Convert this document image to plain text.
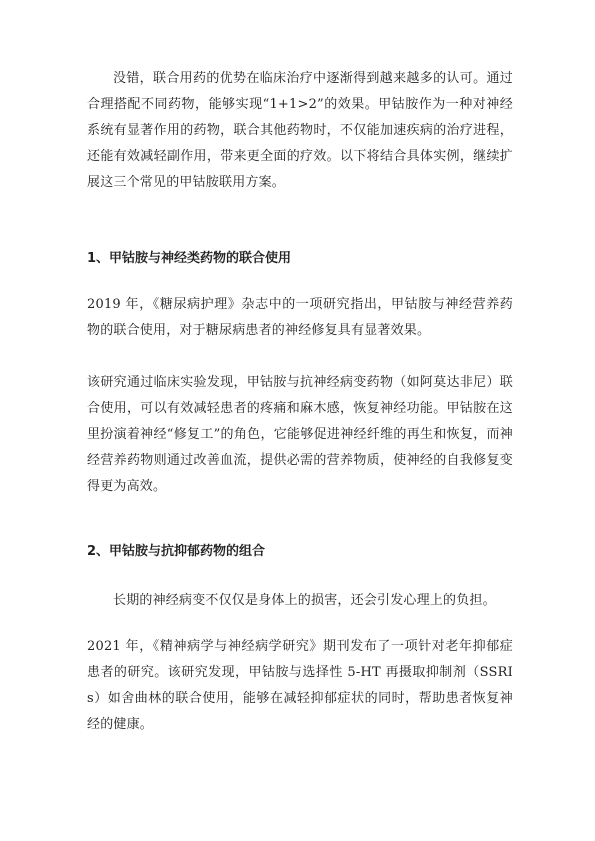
没错，联合用药的优势在临床治疗中逐渐得到越来越多的认可。通过合理搭配不同药物，能够实现“1+1>2”的效果。甲钴胺作为一种对神经系统有显著作用的药物，联合其他药物时，不仅能加速疾病的治疗进程，还能有效减轻副作用，带来更全面的疗效。以下将结合具体实例，继续扩展这三个常见的甲钴胺联用方案。

1、甲钴胺与神经类药物的联合使用

2019 年，《糖尿病护理》杂志中的一项研究指出，甲钴胺与神经营养药物的联合使用，对于糖尿病患者的神经修复具有显著效果。

该研究通过临床实验发现，甲钴胺与抗神经病变药物（如阿莫达非尼）联合使用，可以有效减轻患者的疼痛和麻木感，恢复神经功能。甲钴胺在这里扮演着神经“修复工”的角色，它能够促进神经纤维的再生和恢复，而神经营养药物则通过改善血流，提供必需的营养物质，使神经的自我修复变得更为高效。

2、甲钴胺与抗抑郁药物的组合

长期的神经病变不仅仅是身体上的损害，还会引发心理上的负担。

2021 年，《精神病学与神经病学研究》期刊发布了一项针对老年抑郁症患者的研究。该研究发现，甲钴胺与选择性 5-HT 再摄取抑制剂（SSRIs）如舍曲林的联合使用，能够在减轻抑郁症状的同时，帮助患者恢复神经的健康。
